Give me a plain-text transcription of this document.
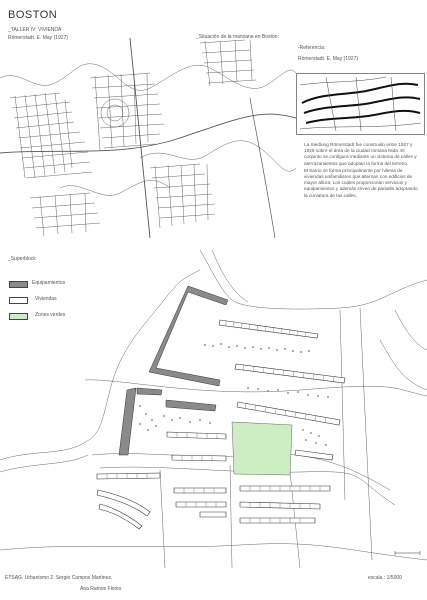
BOSTON
_TALLER IV: VIVIENDA
Römerstadt. E. May (1927)	_Situación de la manzana en Boston:
-Referencia:
Römerstadt. E. May (1927)

La Siedlung Römerstadt fue construido entre 1927 y 1929 sobre el área de la ciudad romana Nida. El conjunto se configura mediante un sistema de calles y aterrazamientos que adoptan la forma del terreno.

El barrio se forma principalmente por hileras de viviendas unifamiliares que alternan con edificios de mayor altura. Los cuales proporcionan servicios y equipamientos y además sirven de pantalla adoptando la curvatura de las calles.

_Superblock
Equipamientos
Viviendas
Zones verdes
ETSAG. Urbanismo 2. Sergio Campos Martinez.
Ana Ramos Flores
escala : 1/5000
